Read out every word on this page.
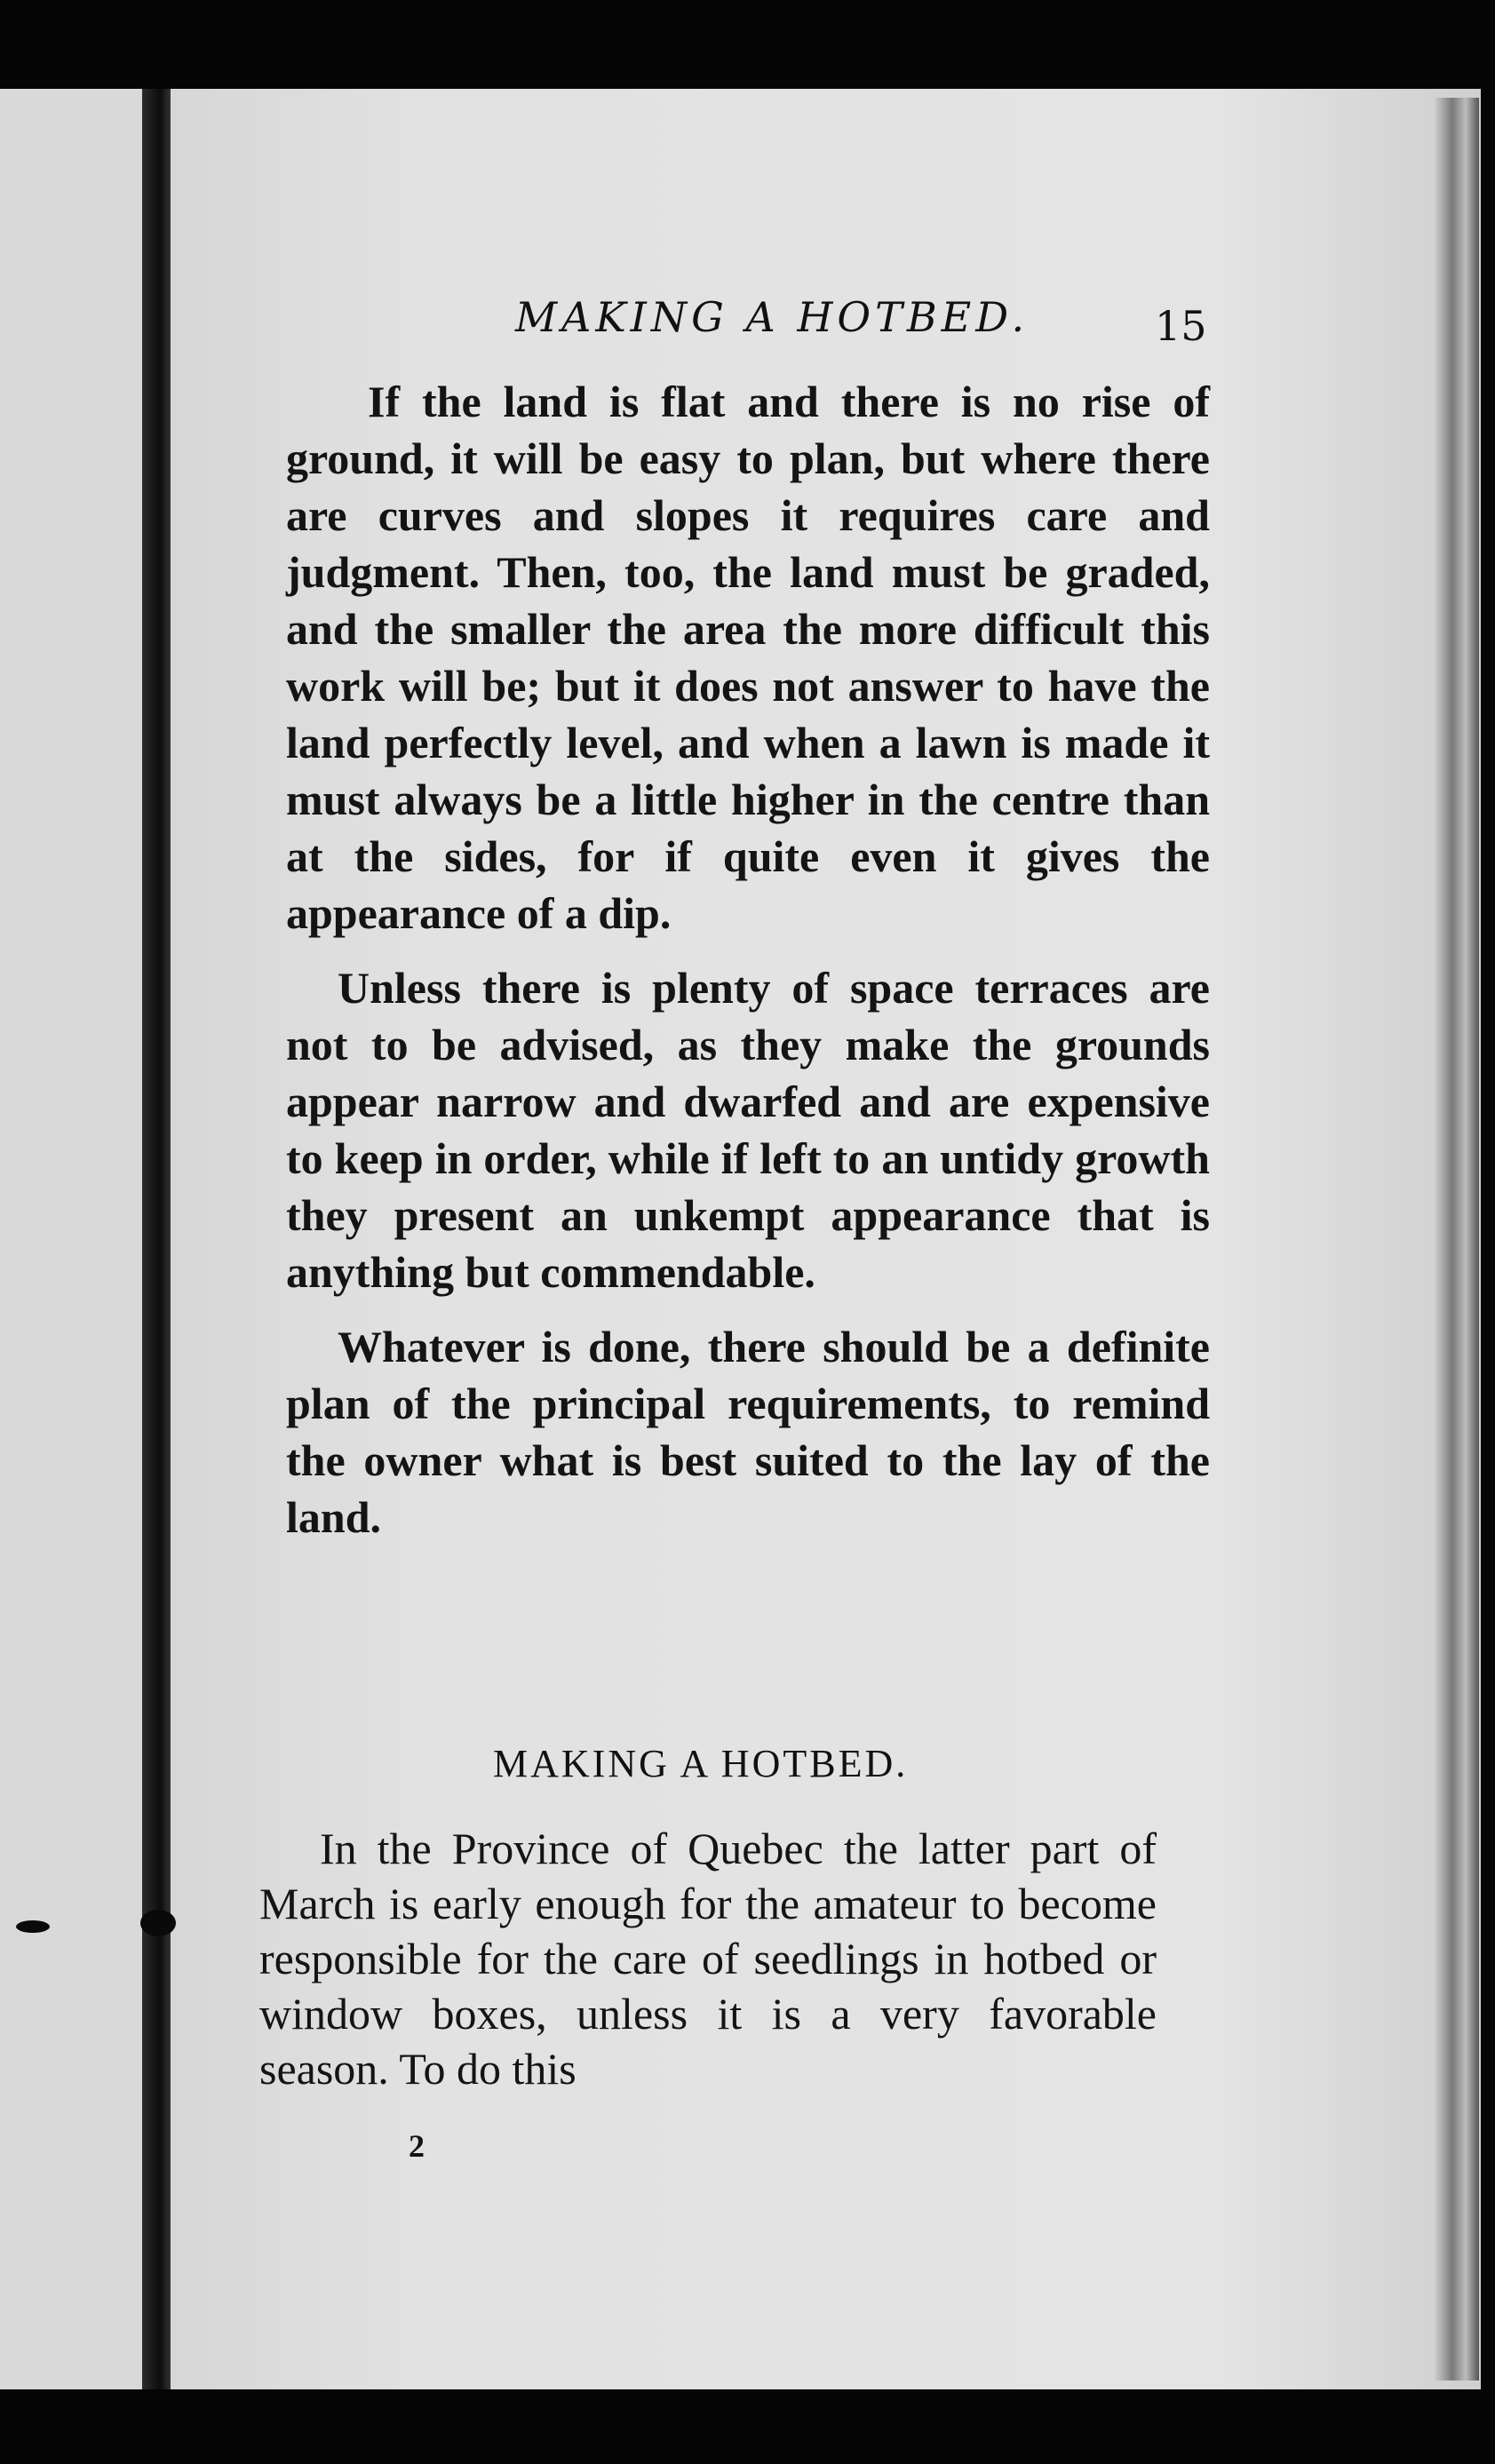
MAKING A HOTBED.	15

If the land is flat and there is no rise of ground, it will be easy to plan, but where there are curves and slopes it requires care and judgment. Then, too, the land must be graded, and the smaller the area the more difficult this work will be; but it does not answer to have the land perfectly level, and when a lawn is made it must always be a little higher in the centre than at the sides, for if quite even it gives the appearance of a dip.

Unless there is plenty of space terraces are not to be advised, as they make the grounds appear narrow and dwarfed and are expensive to keep in order, while if left to an untidy growth they present an unkempt appearance that is anything but commendable.

Whatever is done, there should be a definite plan of the principal requirements, to remind the owner what is best suited to the lay of the land.

MAKING A HOTBED.

In the Province of Quebec the latter part of March is early enough for the amateur to become responsible for the care of seedlings in hotbed or window boxes, unless it is a very favorable season. To do this

2
